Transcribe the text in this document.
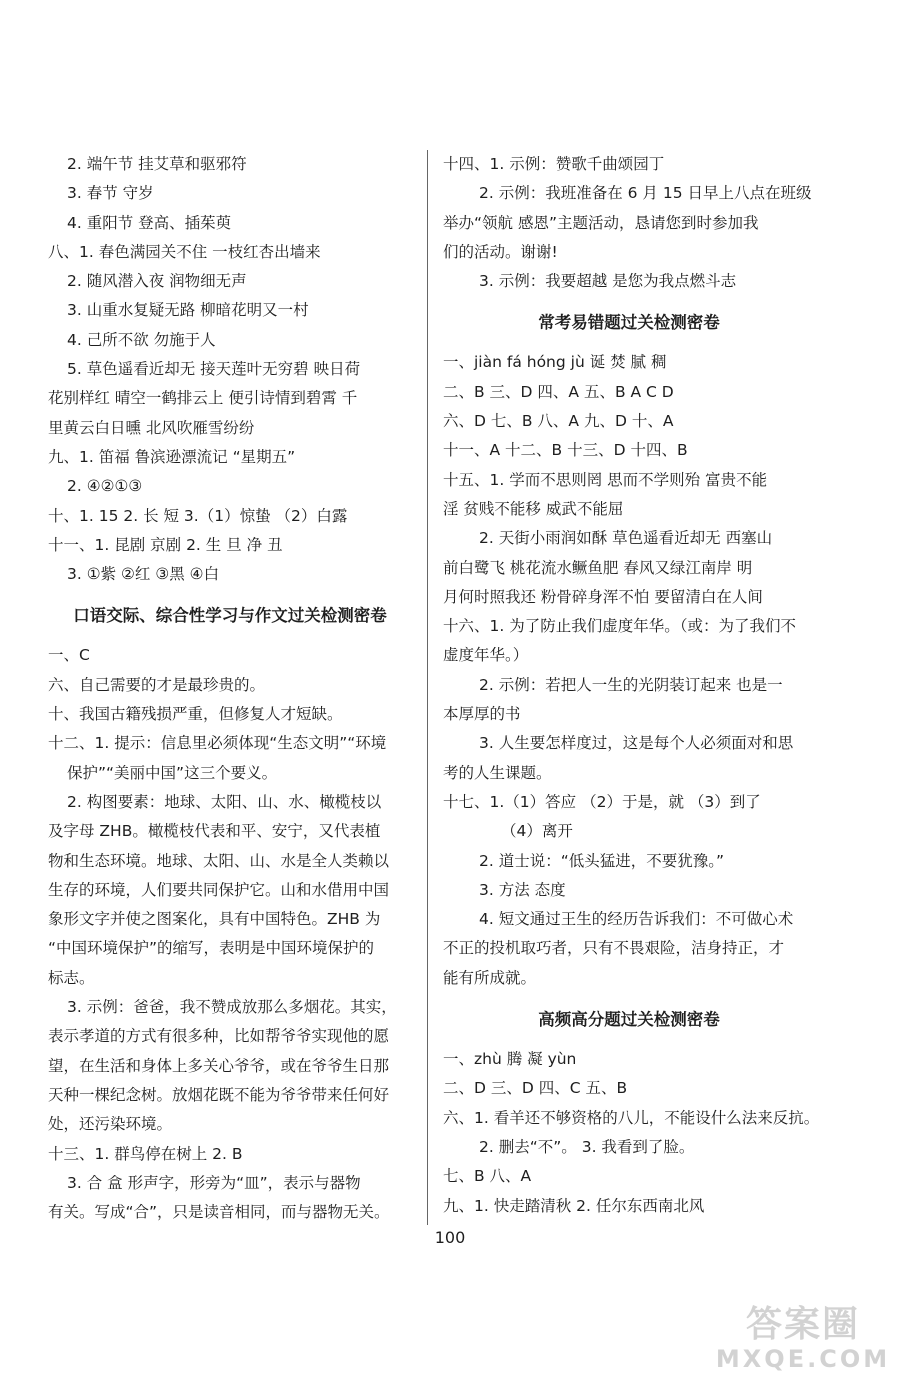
2. 端午节 挂艾草和驱邪符
3. 春节 守岁
4. 重阳节 登高、插茱萸
八、1. 春色满园关不住 一枝红杏出墙来
2. 随风潜入夜 润物细无声
3. 山重水复疑无路 柳暗花明又一村
4. 己所不欲 勿施于人
5. 草色遥看近却无 接天莲叶无穷碧 映日荷
花别样红 晴空一鹤排云上 便引诗情到碧霄 千
里黄云白日曛 北风吹雁雪纷纷
九、1. 笛福 鲁滨逊漂流记 “星期五”
2. ④②①③
十、1. 15 2. 长 短 3.（1）惊蛰 （2）白露
十一、1. 昆剧 京剧 2. 生 旦 净 丑
3. ①紫 ②红 ③黑 ④白
口语交际、综合性学习与作文过关检测密卷
一、C
六、自己需要的才是最珍贵的。
十、我国古籍残损严重，但修复人才短缺。
十二、1. 提示：信息里必须体现“生态文明”“环境
保护”“美丽中国”这三个要义。
2. 构图要素：地球、太阳、山、水、橄榄枝以
及字母 ZHB。橄榄枝代表和平、安宁，又代表植
物和生态环境。地球、太阳、山、水是全人类赖以
生存的环境，人们要共同保护它。山和水借用中国
象形文字并使之图案化，具有中国特色。ZHB 为
“中国环境保护”的缩写，表明是中国环境保护的
标志。
3. 示例：爸爸，我不赞成放那么多烟花。其实，
表示孝道的方式有很多种，比如帮爷爷实现他的愿
望，在生活和身体上多关心爷爷，或在爷爷生日那
天种一棵纪念树。放烟花既不能为爷爷带来任何好
处，还污染环境。
十三、1. 群鸟停在树上 2. B
3. 合 盒 形声字，形旁为“皿”，表示与器物
有关。写成“合”，只是读音相同，而与器物无关。
十四、1. 示例：赞歌千曲颂园丁
2. 示例：我班准备在 6 月 15 日早上八点在班级
举办“领航 感恩”主题活动，恳请您到时参加我
们的活动。谢谢!
3. 示例：我要超越 是您为我点燃斗志
常考易错题过关检测密卷
一、jiàn fá hóng jù 诞 焚 腻 稠
二、B 三、D 四、A 五、B A C D
六、D 七、B 八、A 九、D 十、A
十一、A 十二、B 十三、D 十四、B
十五、1. 学而不思则罔 思而不学则殆 富贵不能
淫 贫贱不能移 威武不能屈
2. 天街小雨润如酥 草色遥看近却无 西塞山
前白鹭飞 桃花流水鳜鱼肥 春风又绿江南岸 明
月何时照我还 粉骨碎身浑不怕 要留清白在人间
十六、1. 为了防止我们虚度年华。（或：为了我们不
虚度年华。）
2. 示例：若把人一生的光阴装订起来 也是一
本厚厚的书
3. 人生要怎样度过，这是每个人必须面对和思
考的人生课题。
十七、1.（1）答应 （2）于是，就 （3）到了
（4）离开
2. 道士说：“低头猛进，不要犹豫。”
3. 方法 态度
4. 短文通过王生的经历告诉我们：不可做心术
不正的投机取巧者，只有不畏艰险，洁身持正，才
能有所成就。
高频高分题过关检测密卷
一、zhù 腾 凝 yùn
二、D 三、D 四、C 五、B
六、1. 看羊还不够资格的八儿，不能设什么法来反抗。
2. 删去“不”。 3. 我看到了脸。
七、B 八、A
九、1. 快走踏清秋 2. 任尔东西南北风
100
答案圈
MXQE.COM
